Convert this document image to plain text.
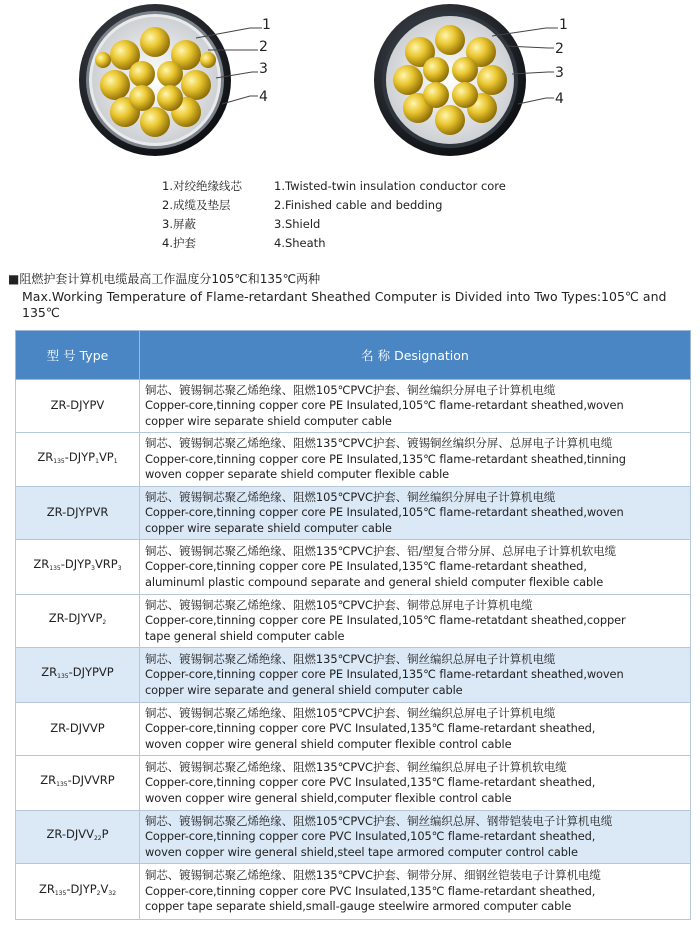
1
2
3
4
1
2
3
4
1.对绞绝缘线芯
2.成缆及垫层
3.屏蔽
4.护套
1.Twisted-twin insulation conductor core
2.Finished cable and bedding
3.Shield
4.Sheath
■阻燃护套计算机电缆最高工作温度分105℃和135℃两种
Max.Working Temperature of Flame-retardant Sheathed Computer is Divided into Two Types:105℃ and 135℃
型 号 Type	名 称 Designation
ZR-DJYPV	铜芯、镀锡铜芯聚乙烯绝缘、阻燃105℃PVC护套、铜丝编织分屏电子计算机电缆
Copper-core,tinning copper core PE Insulated,105℃ flame-retardant sheathed,woven
copper wire separate shield computer cable

$ZR_{135}-DJYP_1VP_1$	铜芯、镀锡铜芯聚乙烯绝缘、阻燃135℃PVC护套、镀锡铜丝编织分屏、总屏电子计算机电缆
Copper-core,tinning copper core PE Insulated,135℃ flame-retardant sheathed,tinning
woven copper separate shield computer flexible cable

ZR-DJYPVR	铜芯、镀锡铜芯聚乙烯绝缘、阻燃105℃PVC护套、铜丝编织分屏电子计算机电缆
Copper-core,tinning copper core PE Insulated,105℃ flame-retardant sheathed,woven
copper wire separate shield computer cable

$ZR_{135}-DJYP_3VRP_3$	铜芯、镀锡铜芯聚乙烯绝缘、阻燃135℃PVC护套、铝/塑复合带分屏、总屏电子计算机软电缆
Copper-core,tinning copper core PE Insulated,135℃ flame-retardant sheathed,
aluminuml plastic compound separate and general shield computer flexible cable

$ZR-DJYVP_2$	铜芯、镀锡铜芯聚乙烯绝缘、阻燃105℃PVC护套、铜带总屏电子计算机电缆
Copper-core,tinning copper core PE Insulated,105℃ flame-retatdant sheathed,copper
tape general shield computer cable

$ZR_{135}$-DJYPVP	铜芯、镀锡铜芯聚乙烯绝缘、阻燃135℃PVC护套、铜丝编织总屏电子计算机电缆
Copper-core,tinning copper core PE Insulated,135℃ flame-retardant sheathed,woven
copper wire separate and general shield computer cable

ZR-DJVVP	铜芯、镀锡铜芯聚乙烯绝缘、阻燃105℃PVC护套、铜丝编织总屏电子计算机电缆
Copper-core,tinning copper core PVC Insulated,135℃ flame-retardant sheathed,
woven copper wire general shield computer flexible control cable

$ZR_{135}$-DJVVRP	铜芯、镀锡铜芯聚乙烯绝缘、阻燃135℃PVC护套、铜丝编织总屏电子计算机软电缆
Copper-core,tinning copper core PVC Insulated,135℃ flame-retardant sheathed,
woven copper wire general shield,computer flexible control cable

$ZR-DJVV_{22}P$	铜芯、镀锡铜芯聚乙烯绝缘、阻燃105℃PVC护套、铜丝编织总屏、钢带铠装电子计算机电缆
Copper-core,tinning copper core PVC Insulated,105℃ flame-retardant sheathed,
woven copper wire general shield,steel tape armored computer control cable

$ZR_{135}-DJYP_2V_{32}$	铜芯、镀锡铜芯聚乙烯绝缘、阻燃135℃PVC护套、铜带分屏、细钢丝铠装电子计算机电缆
Copper-core,tinning copper core PVC Insulated,135℃ flame-retardant sheathed,
copper tape separate shield,small-gauge steelwire armored computer cable
